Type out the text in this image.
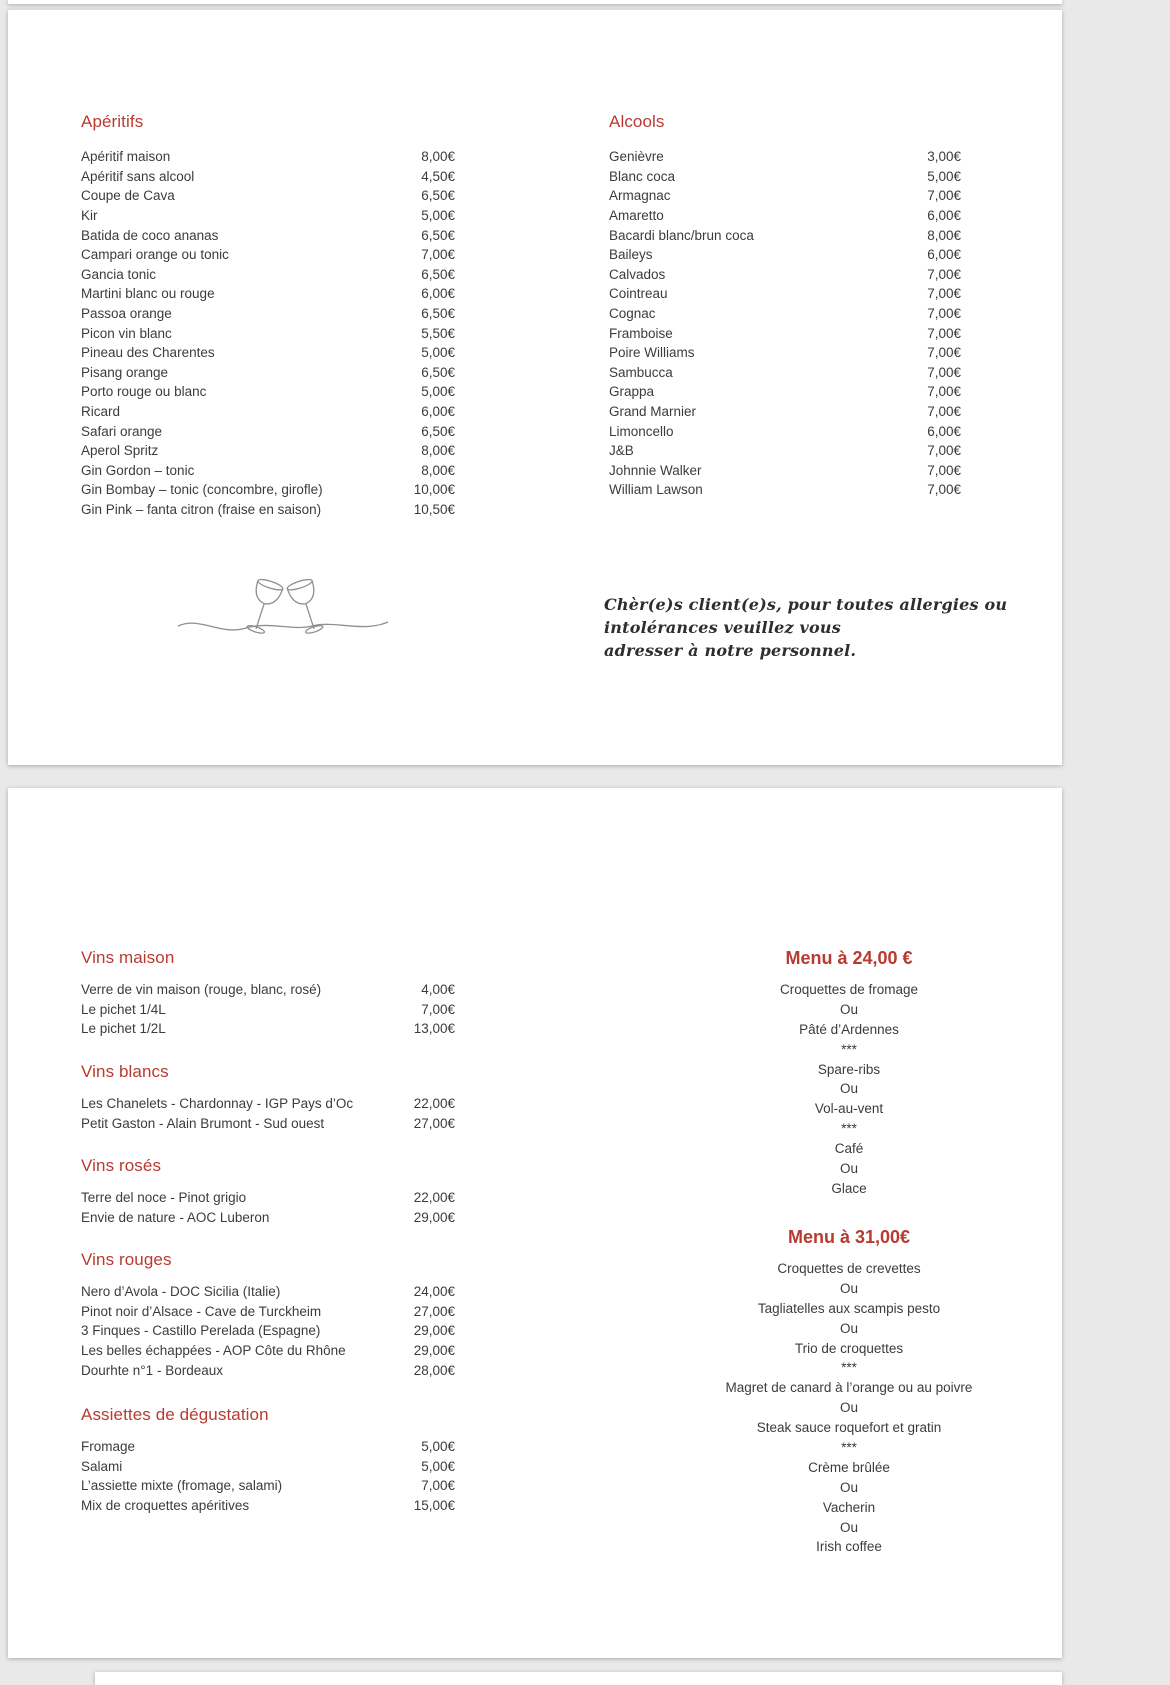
Apéritifs
Apéritif maison	8,00€
Apéritif sans alcool	4,50€
Coupe de Cava	6,50€
Kir	5,00€
Batida de coco ananas	6,50€
Campari orange ou tonic	7,00€
Gancia tonic	6,50€
Martini blanc ou rouge	6,00€
Passoa orange	6,50€
Picon vin blanc	5,50€
Pineau des Charentes	5,00€
Pisang orange	6,50€
Porto rouge ou blanc	5,00€
Ricard	6,00€
Safari orange	6,50€
Aperol Spritz	8,00€
Gin Gordon – tonic	8,00€
Gin Bombay – tonic (concombre, girofle)	10,00€
Gin Pink – fanta citron (fraise en saison)	10,50€
Alcools
Genièvre	3,00€
Blanc coca	5,00€
Armagnac	7,00€
Amaretto	6,00€
Bacardi blanc/brun coca	8,00€
Baileys	6,00€
Calvados	7,00€
Cointreau	7,00€
Cognac	7,00€
Framboise	7,00€
Poire Williams	7,00€
Sambucca	7,00€
Grappa	7,00€
Grand Marnier	7,00€
Limoncello	6,00€
J&B	7,00€
Johnnie Walker	7,00€
William Lawson	7,00€
Chèr(e)s client(e)s, pour toutes allergies ou intolérances veuillez vous
adresser à notre personnel.
Vins maison
Verre de vin maison (rouge, blanc, rosé)	4,00€
Le pichet 1/4L	7,00€
Le pichet 1/2L	13,00€
Vins blancs
Les Chanelets - Chardonnay - IGP Pays d’Oc	22,00€
Petit Gaston - Alain Brumont - Sud ouest	27,00€
Vins rosés
Terre del noce - Pinot grigio	22,00€
Envie de nature - AOC Luberon	29,00€
Vins rouges
Nero d’Avola - DOC Sicilia (Italie)	24,00€
Pinot noir d’Alsace - Cave de Turckheim	27,00€
3 Finques - Castillo Perelada (Espagne)	29,00€
Les belles échappées - AOP Côte du Rhône	29,00€
Dourhte n°1 - Bordeaux	28,00€
Assiettes de dégustation
Fromage	5,00€
Salami	5,00€
L’assiette mixte (fromage, salami)	7,00€
Mix de croquettes apéritives	15,00€
Menu à 24,00 €
Croquettes de fromage
Ou
Pâté d’Ardennes
***
Spare-ribs
Ou
Vol-au-vent
***
Café
Ou
Glace
Menu à 31,00€
Croquettes de crevettes
Ou
Tagliatelles aux scampis pesto
Ou
Trio de croquettes
***
Magret de canard à l’orange ou au poivre
Ou
Steak sauce roquefort et gratin
***
Crème brûlée
Ou
Vacherin
Ou
Irish coffee
